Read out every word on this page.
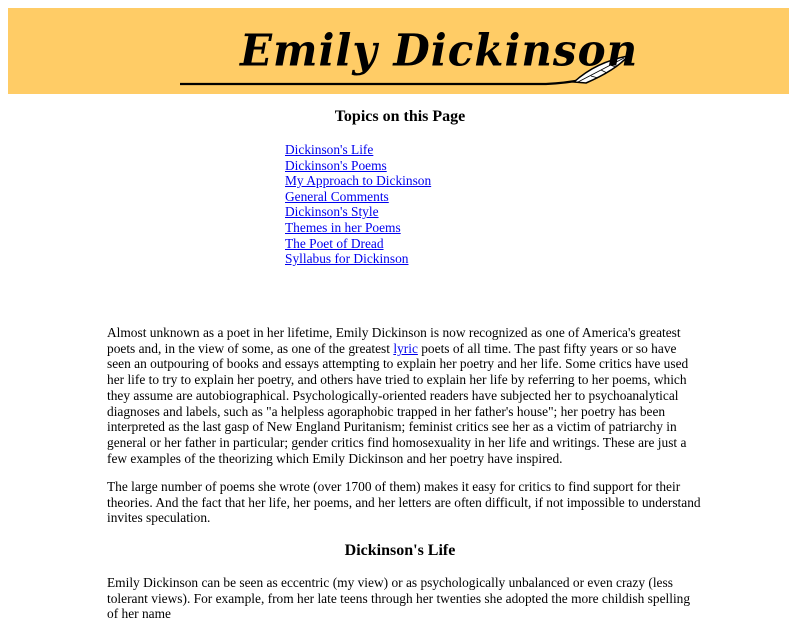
Emily Dickinson
Topics on this Page
Dickinson's Life
Dickinson's Poems
My Approach to Dickinson
General Comments
Dickinson's Style
Themes in her Poems
The Poet of Dread
Syllabus for Dickinson

Almost unknown as a poet in her lifetime, Emily Dickinson is now recognized as one of America's greatest poets and, in the view of some, as one of the greatest lyric poets of all time. The past fifty years or so have seen an outpouring of books and essays attempting to explain her poetry and her life. Some critics have used her life to try to explain her poetry, and others have tried to explain her life by referring to her poems, which they assume are autobiographical. Psychologically-oriented readers have subjected her to psychoanalytical diagnoses and labels, such as "a helpless agoraphobic trapped in her father's house"; her poetry has been interpreted as the last gasp of New England Puritanism; feminist critics see her as a victim of patriarchy in general or her father in particular; gender critics find homosexuality in her life and writings. These are just a few examples of the theorizing which Emily Dickinson and her poetry have inspired.

The large number of poems she wrote (over 1700 of them) makes it easy for critics to find support for their theories. And the fact that her life, her poems, and her letters are often difficult, if not impossible to understand invites speculation.

Dickinson's Life

Emily Dickinson can be seen as eccentric (my view) or as psychologically unbalanced or even crazy (less tolerant views). For example, from her late teens through her twenties she adopted the more childish spelling of her name
